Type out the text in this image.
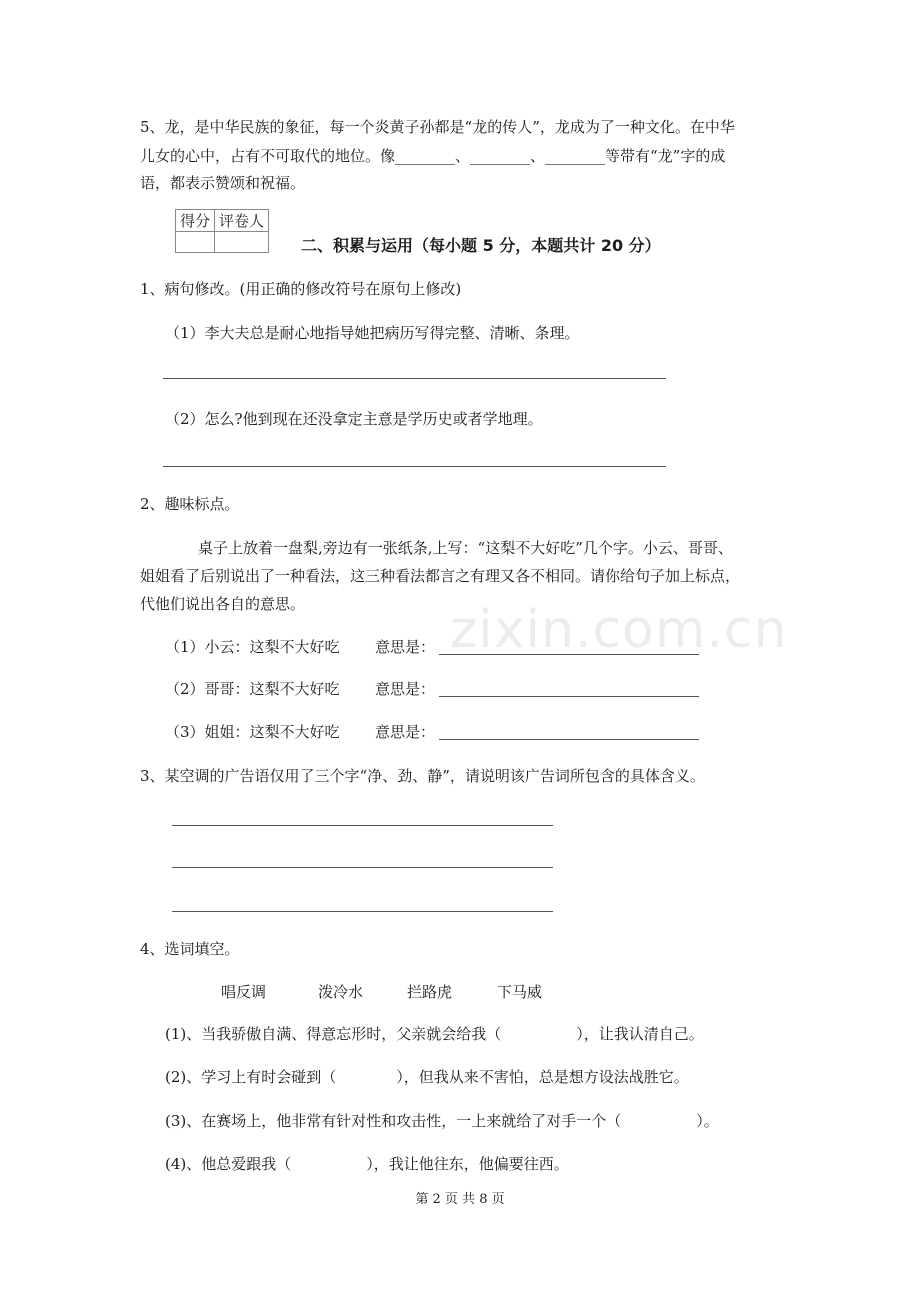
zixin.com.cn
5、龙，是中华民族的象征，每一个炎黄子孙都是“龙的传人”，龙成为了一种文化。在中华
儿女的心中，占有不可取代的地位。像________、________、________等带有“龙”字的成
语，都表示赞颂和祝福。
得分	评卷人

二、积累与运用（每小题 5 分，本题共计 20 分）
1、病句修改。(用正确的修改符号在原句上修改)
（1）李大夫总是耐心地指导她把病历写得完整、清晰、条理。
（2）怎么?他到现在还没拿定主意是学历史或者学地理。
2、趣味标点。
桌子上放着一盘梨,旁边有一张纸条,上写：“这梨不大好吃”几个字。小云、哥哥、
姐姐看了后别说出了一种看法，这三种看法都言之有理又各不相同。请你给句子加上标点，
代他们说出各自的意思。
（1）小云：这梨不大好吃 意思是：
（2）哥哥：这梨不大好吃 意思是：
（3）姐姐：这梨不大好吃 意思是：
3、某空调的广告语仅用了三个字“净、劲、静”，请说明该广告词所包含的具体含义。
4、选词填空。
唱反调	泼冷水	拦路虎	下马威
(1)、当我骄傲自满、得意忘形时，父亲就会给我（　　　　　），让我认清自己。
(2)、学习上有时会碰到（　　　　），但我从来不害怕，总是想方设法战胜它。
(3)、在赛场上，他非常有针对性和攻击性，一上来就给了对手一个（　　　　　）。
(4)、他总爱跟我（　　　　　），我让他往东，他偏要往西。
第 2 页 共 8 页
